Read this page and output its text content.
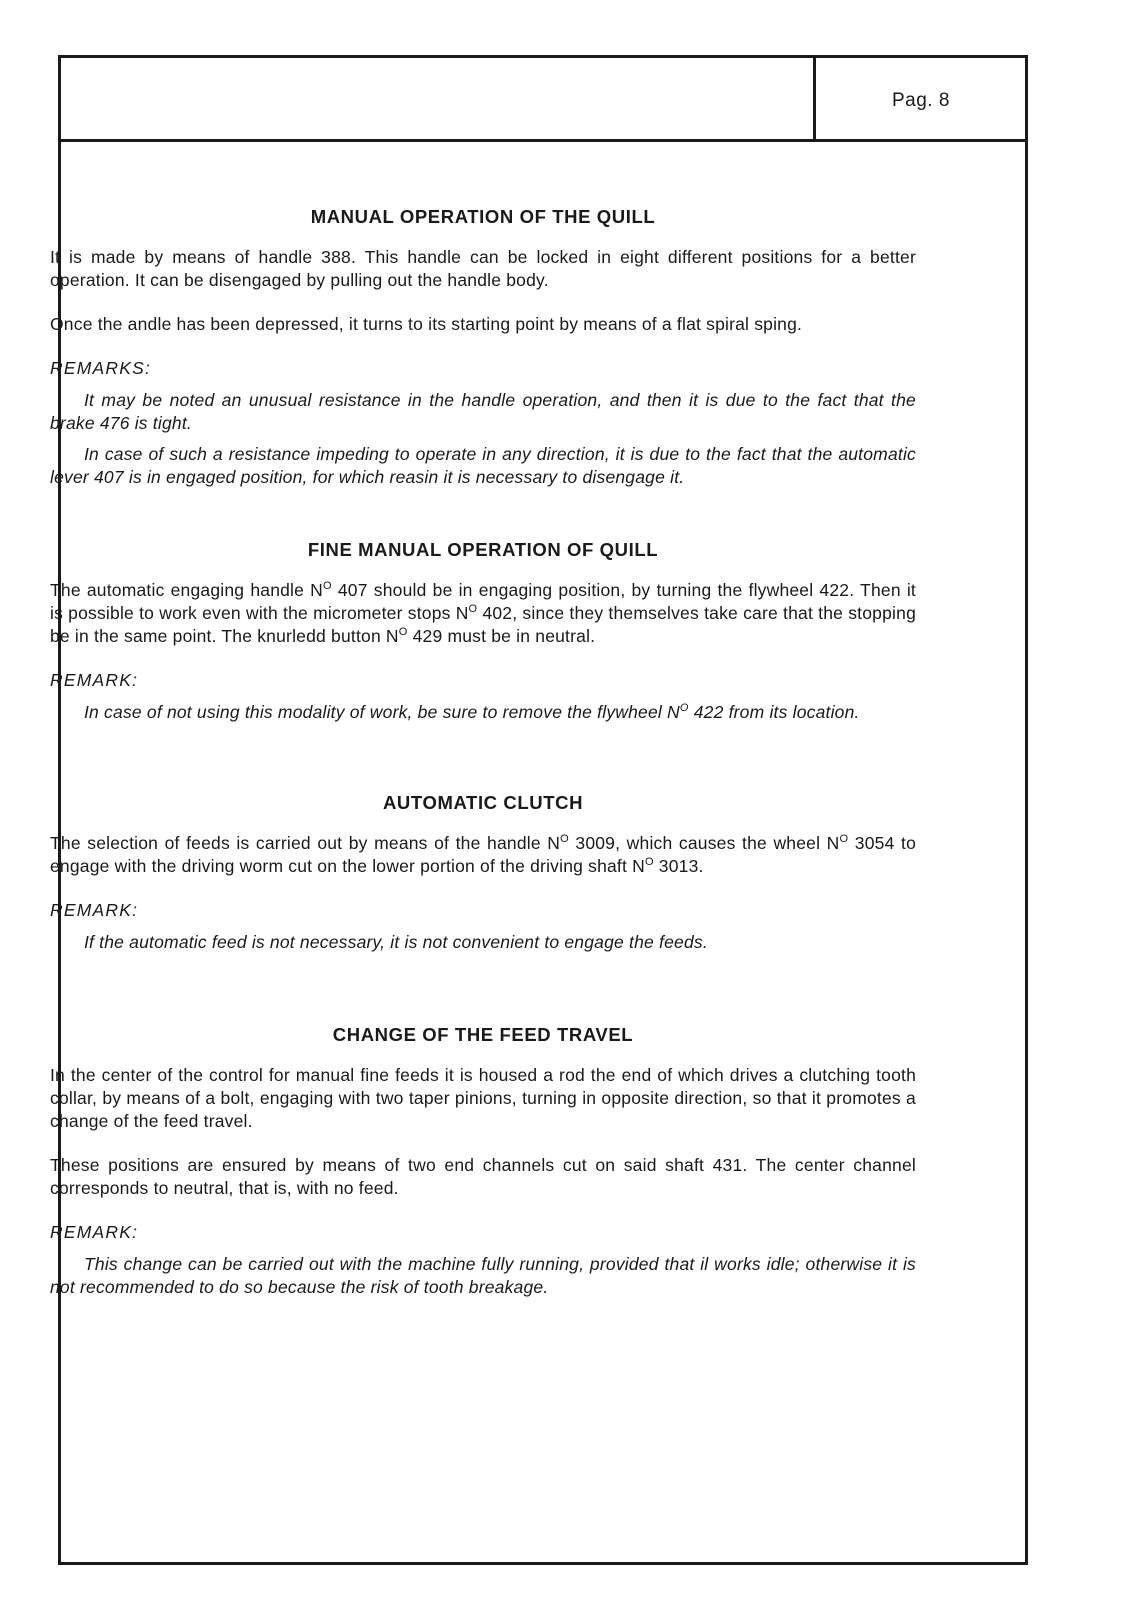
Pag. 8
MANUAL OPERATION OF THE QUILL

It is made by means of handle 388. This handle can be locked in eight different positions for a better operation. It can be disengaged by pulling out the handle body.

Once the andle has been depressed, it turns to its starting point by means of a flat spiral sping.

REMARKS:

It may be noted an unusual resistance in the handle operation, and then it is due to the fact that the brake 476 is tight.

In case of such a resistance impeding to operate in any direction, it is due to the fact that the automatic lever 407 is in engaged position, for which reasin it is necessary to disengage it.

FINE MANUAL OPERATION OF QUILL

The automatic engaging handle $N^O$ 407 should be in engaging position, by turning the flywheel 422. Then it is possible to work even with the micrometer stops $N^O$ 402, since they themselves take care that the stopping be in the same point. The knurledd button $N^O$ 429 must be in neutral.

REMARK:

In case of not using this modality of work, be sure to remove the flywheel $N^O$ 422 from its location.

AUTOMATIC CLUTCH

The selection of feeds is carried out by means of the handle $N^O$ 3009, which causes the wheel $N^O$ 3054 to engage with the driving worm cut on the lower portion of the driving shaft $N^O$ 3013.

REMARK:

If the automatic feed is not necessary, it is not convenient to engage the feeds.

CHANGE OF THE FEED TRAVEL

In the center of the control for manual fine feeds it is housed a rod the end of which drives a clutching tooth collar, by means of a bolt, engaging with two taper pinions, turning in opposite direction, so that it promotes a change of the feed travel.

These positions are ensured by means of two end channels cut on said shaft 431. The center channel corresponds to neutral, that is, with no feed.

REMARK:

This change can be carried out with the machine fully running, provided that il works idle; otherwise it is not recommended to do so because the risk of tooth breakage.
